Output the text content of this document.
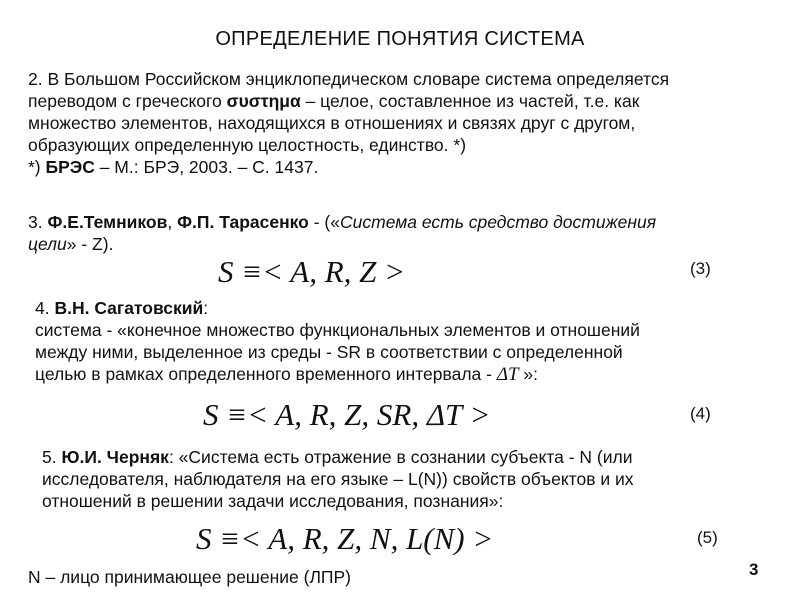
ОПРЕДЕЛЕНИЕ ПОНЯТИЯ СИСТЕМА
2. В Большом Российском энциклопедическом словаре система определяется
переводом с греческого συστημα – целое, составленное из частей, т.е. как
множество элементов, находящихся в отношениях и связях друг с другом,
образующих определенную целостность, единство. *)
*) БРЭС – М.: БРЭ, 2003. – С. 1437.
3. Ф.Е.Темников, Ф.П. Тарасенко - («Система есть средство достижения
цели» - Z).
S ≡< A, R, Z >	(3)
4. В.Н. Сагатовский:
система - «конечное множество функциональных элементов и отношений
между ними, выделенное из среды - SR в соответствии с определенной
целью в рамках определенного временного интервала - ΔT »:
S ≡< A, R, Z, SR, ΔT >	(4)
5. Ю.И. Черняк: «Система есть отражение в сознании субъекта - N (или
исследователя, наблюдателя на его языке – L(N)) свойств объектов и их
отношений в решении задачи исследования, познания»:
S ≡< A, R, Z, N, L(N) >	(5)
N – лицо принимающее решение (ЛПР)	3
